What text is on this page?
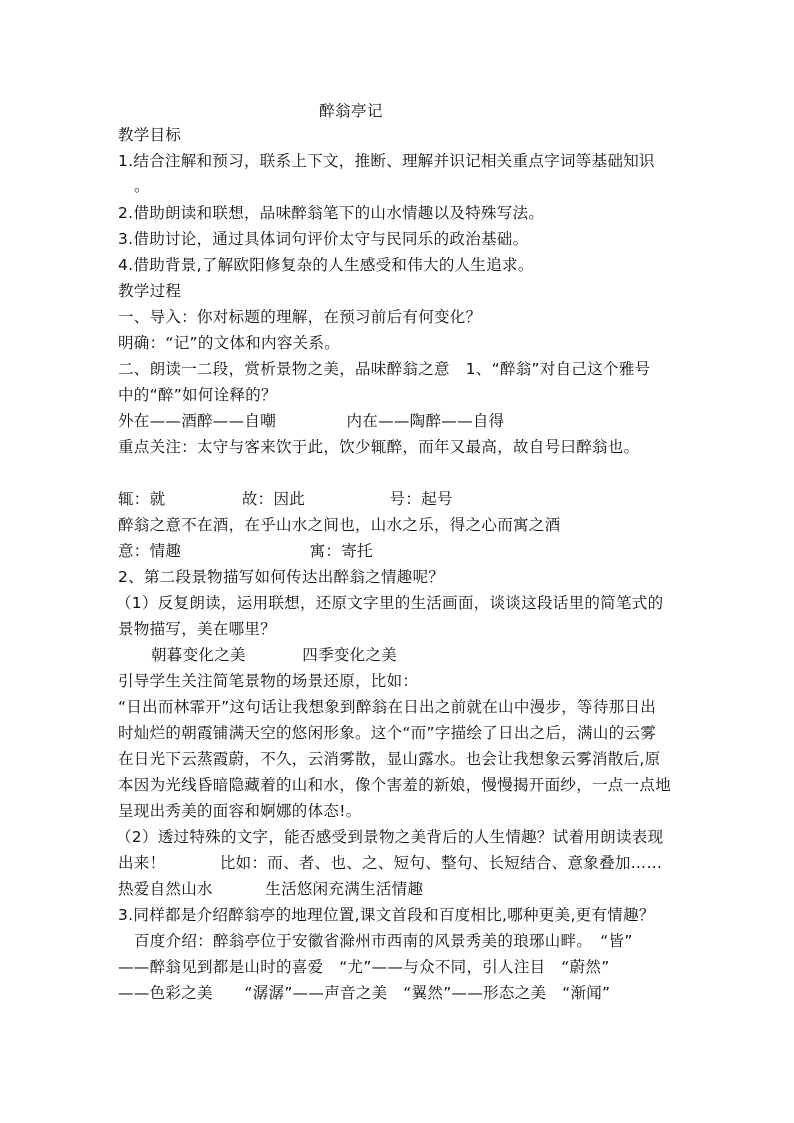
醉翁亭记
教学目标
1.结合注解和预习，联系上下文，推断、理解并识记相关重点字词等基础知识
。
2.借助朗读和联想，品味醉翁笔下的山水情趣以及特殊写法。
3.借助讨论，通过具体词句评价太守与民同乐的政治基础。
4.借助背景,了解欧阳修复杂的人生感受和伟大的人生追求。
教学过程
一、导入：你对标题的理解，在预习前后有何变化？
明确：“记”的文体和内容关系。
二、朗读一二段，赏析景物之美，品味醉翁之意　1、“醉翁”对自己这个雅号
中的“醉”如何诠释的？
外在——酒醉——自嘲	内在——陶醉——自得
重点关注：太守与客来饮于此，饮少辄醉，而年又最高，故自号曰醉翁也。
辄：就	故：因此	号：起号
醉翁之意不在酒，在乎山水之间也，山水之乐，得之心而寓之酒
意：情趣	寓：寄托
2、第二段景物描写如何传达出醉翁之情趣呢？
（1）反复朗读，运用联想，还原文字里的生活画面，谈谈这段话里的简笔式的
景物描写，美在哪里？
朝暮变化之美	四季变化之美
引导学生关注简笔景物的场景还原，比如：
“日出而林霏开”这句话让我想象到醉翁在日出之前就在山中漫步，等待那日出
时灿烂的朝霞铺满天空的悠闲形象。这个“而”字描绘了日出之后，满山的云雾
在日光下云蒸霞蔚，不久，云消雾散，显山露水。也会让我想象云雾消散后,原
本因为光线昏暗隐藏着的山和水，像个害羞的新娘，慢慢揭开面纱，一点一点地
呈现出秀美的面容和婀娜的体态!。
（2）透过特殊的文字，能否感受到景物之美背后的人生情趣？试着用朗读表现
出来！	比如：而、者、也、之、短句、整句、长短结合、意象叠加……
热爱自然山水	生活悠闲充满生活情趣
3.同样都是介绍醉翁亭的地理位置,课文首段和百度相比,哪种更美,更有情趣？
百度介绍：醉翁亭位于安徽省滁州市西南的风景秀美的琅琊山畔。　“皆”
——醉翁见到都是山时的喜爱　“尤”——与众不同，引人注目　“蔚然”
——色彩之美　　“潺潺”——声音之美　“翼然”——形态之美　“渐闻”
